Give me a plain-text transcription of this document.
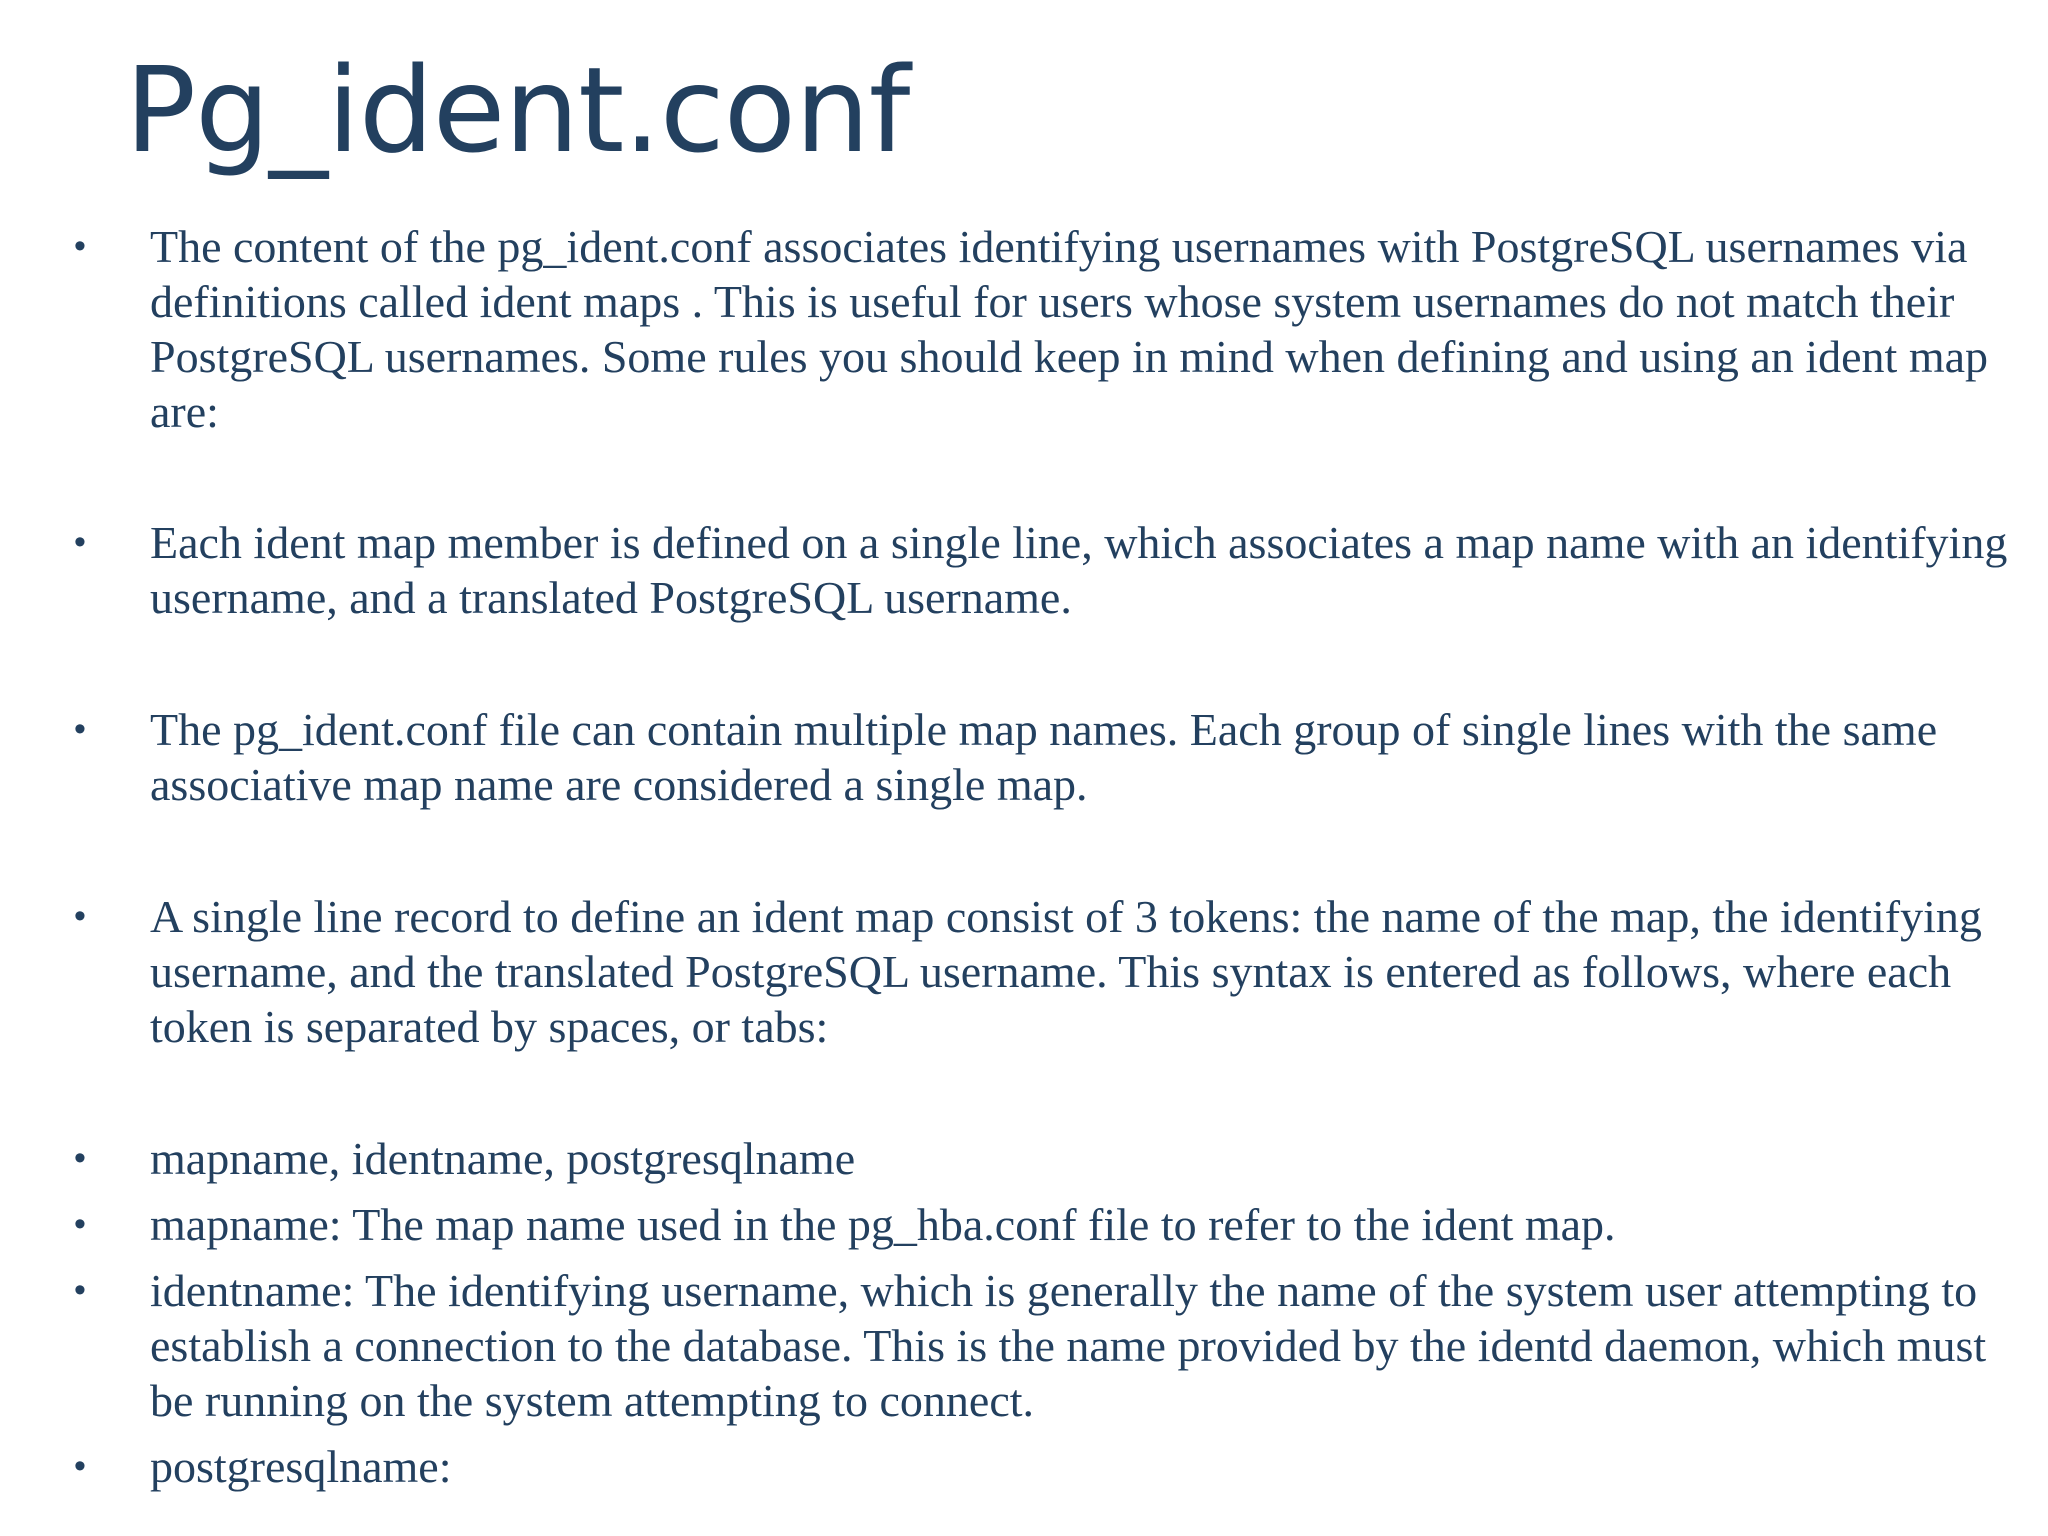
Pg_ident.conf
• The content of the pg_ident.conf associates identifying usernames with PostgreSQL usernames via definitions called ident maps . This is useful for users whose system usernames do not match their PostgreSQL usernames. Some rules you should keep in mind when defining and using an ident map are:
• Each ident map member is defined on a single line, which associates a map name with an identifying username, and a translated PostgreSQL username.
• The pg_ident.conf file can contain multiple map names. Each group of single lines with the same associative map name are considered a single map.
• A single line record to define an ident map consist of 3 tokens: the name of the map, the identifying username, and the translated PostgreSQL username. This syntax is entered as follows, where each token is separated by spaces, or tabs:
• mapname, identname, postgresqlname
• mapname: The map name used in the pg_hba.conf file to refer to the ident map.
• identname: The identifying username, which is generally the name of the system user attempting to establish a connection to the database. This is the name provided by the identd daemon, which must be running on the system attempting to connect.
• postgresqlname:
